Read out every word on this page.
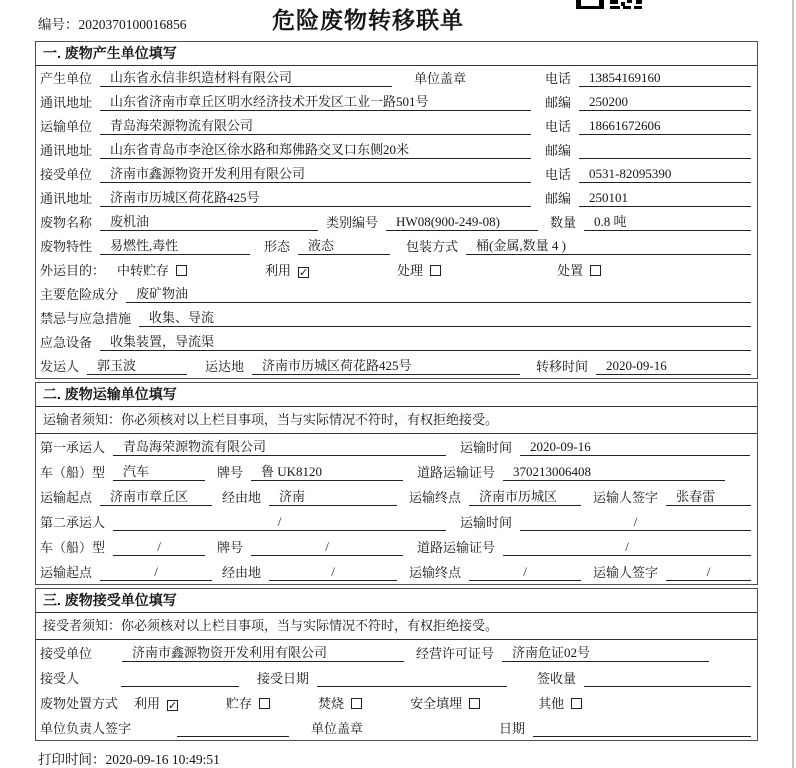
编号：2020370100016856	危险废物转移联单
一. 废物产生单位填写
产生单位	山东省永信非织造材料有限公司	单位盖章	电话	13854169160
通讯地址	山东省济南市章丘区明水经济技术开发区工业一路501号	邮编	250200
运输单位	青岛海荣源物流有限公司	电话	18661672606
通讯地址	山东省青岛市李沧区徐水路和郑佛路交叉口东侧20米	邮编
接受单位	济南市鑫源物资开发利用有限公司	电话	0531-82095390
通讯地址	济南市历城区荷花路425号	邮编	250101
废物名称	废机油	类别编号	HW08(900-249-08)	数量	0.8 吨
废物特性	易燃性,毒性	形态	液态	包装方式	桶(金属,数量 4 )
外运目的： 中转贮存	利用 ✓	处理	处置
主要危险成分	废矿物油
禁忌与应急措施	收集、导流
应急设备	收集装置，导流渠
发运人	郭玉波	运达地	济南市历城区荷花路425号	转移时间	2020-09-16
二. 废物运输单位填写
运输者须知：你必须核对以上栏目事项，当与实际情况不符时，有权拒绝接受。
第一承运人	青岛海荣源物流有限公司	运输时间	2020-09-16
车（船）型	汽车	牌号	鲁 UK8120	道路运输证号	370213006408
运输起点	济南市章丘区	经由地	济南	运输终点	济南市历城区	运输人签字	张春雷
第二承运人	/	运输时间	/
车（船）型	/	牌号	/	道路运输证号	/
运输起点	/	经由地	/	运输终点	/	运输人签字	/
三. 废物接受单位填写
接受者须知：你必须核对以上栏目事项，当与实际情况不符时，有权拒绝接受。
接受单位	济南市鑫源物资开发利用有限公司	经营许可证号	济南危证02号
接受人	接受日期	签收量
废物处置方式 利用 ✓	贮存	焚烧	安全填埋	其他
单位负责人签字	单位盖章	日期
打印时间：2020-09-16 10:49:51
